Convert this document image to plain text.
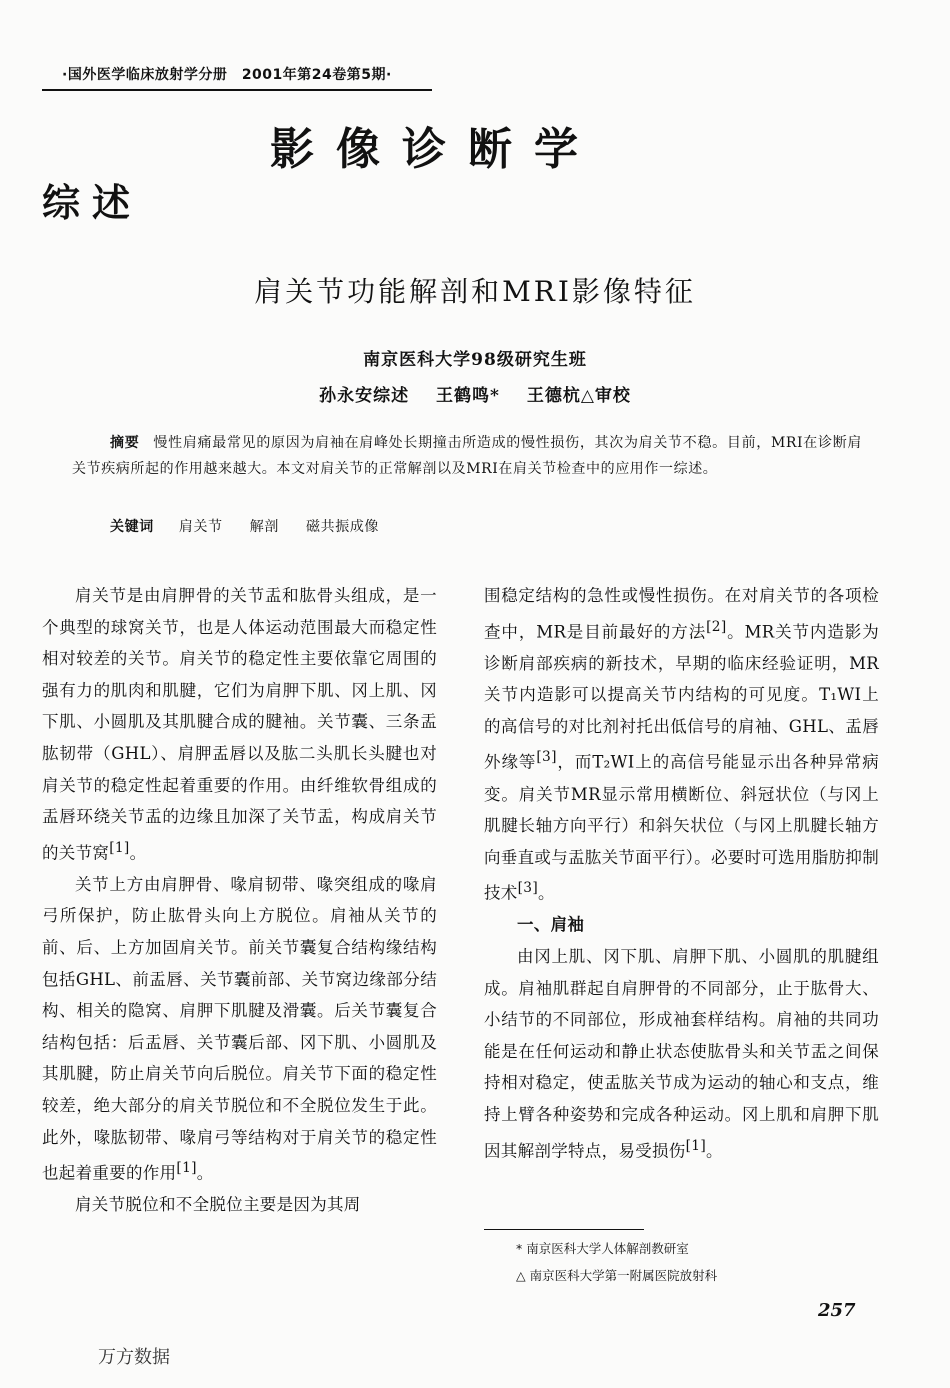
·国外医学临床放射学分册　2001年第24卷第5期·
影像诊断学
综述
肩关节功能解剖和MRI影像特征
南京医科大学98级研究生班
孙永安综述 王鹤鸣* 王德杭△审校
摘要 慢性肩痛最常见的原因为肩袖在肩峰处长期撞击所造成的慢性损伤，其次为肩关节不稳。目前，MRI在诊断肩关节疾病所起的作用越来越大。本文对肩关节的正常解剖以及MRI在肩关节检查中的应用作一综述。
关键词 肩关节 解剖 磁共振成像

肩关节是由肩胛骨的关节盂和肱骨头组成，是一个典型的球窝关节，也是人体运动范围最大而稳定性相对较差的关节。肩关节的稳定性主要依靠它周围的强有力的肌肉和肌腱，它们为肩胛下肌、冈上肌、冈下肌、小圆肌及其肌腱合成的腱袖。关节囊、三条盂肱韧带（GHL）、肩胛盂唇以及肱二头肌长头腱也对肩关节的稳定性起着重要的作用。由纤维软骨组成的盂唇环绕关节盂的边缘且加深了关节盂，构成肩关节的关节窝[1]。

关节上方由肩胛骨、喙肩韧带、喙突组成的喙肩弓所保护，防止肱骨头向上方脱位。肩袖从关节的前、后、上方加固肩关节。前关节囊复合结构缘结构包括GHL、前盂唇、关节囊前部、关节窝边缘部分结构、相关的隐窝、肩胛下肌腱及滑囊。后关节囊复合结构包括：后盂唇、关节囊后部、冈下肌、小圆肌及其肌腱，防止肩关节向后脱位。肩关节下面的稳定性较差，绝大部分的肩关节脱位和不全脱位发生于此。此外，喙肱韧带、喙肩弓等结构对于肩关节的稳定性也起着重要的作用[1]。

肩关节脱位和不全脱位主要是因为其周

围稳定结构的急性或慢性损伤。在对肩关节的各项检查中，MR是目前最好的方法[2]。MR关节内造影为诊断肩部疾病的新技术，早期的临床经验证明，MR关节内造影可以提高关节内结构的可见度。T₁WI上的高信号的对比剂衬托出低信号的肩袖、GHL、盂唇外缘等[3]，而T₂WI上的高信号能显示出各种异常病变。肩关节MR显示常用横断位、斜冠状位（与冈上肌腱长轴方向平行）和斜矢状位（与冈上肌腱长轴方向垂直或与盂肱关节面平行）。必要时可选用脂肪抑制技术[3]。

一、肩袖

由冈上肌、冈下肌、肩胛下肌、小圆肌的肌腱组成。肩袖肌群起自肩胛骨的不同部分，止于肱骨大、小结节的不同部位，形成袖套样结构。肩袖的共同功能是在任何运动和静止状态使肱骨头和关节盂之间保持相对稳定，使盂肱关节成为运动的轴心和支点，维持上臂各种姿势和完成各种运动。冈上肌和肩胛下肌因其解剖学特点，易受损伤[1]。

* 南京医科大学人体解剖教研室
△ 南京医科大学第一附属医院放射科
257
万方数据
